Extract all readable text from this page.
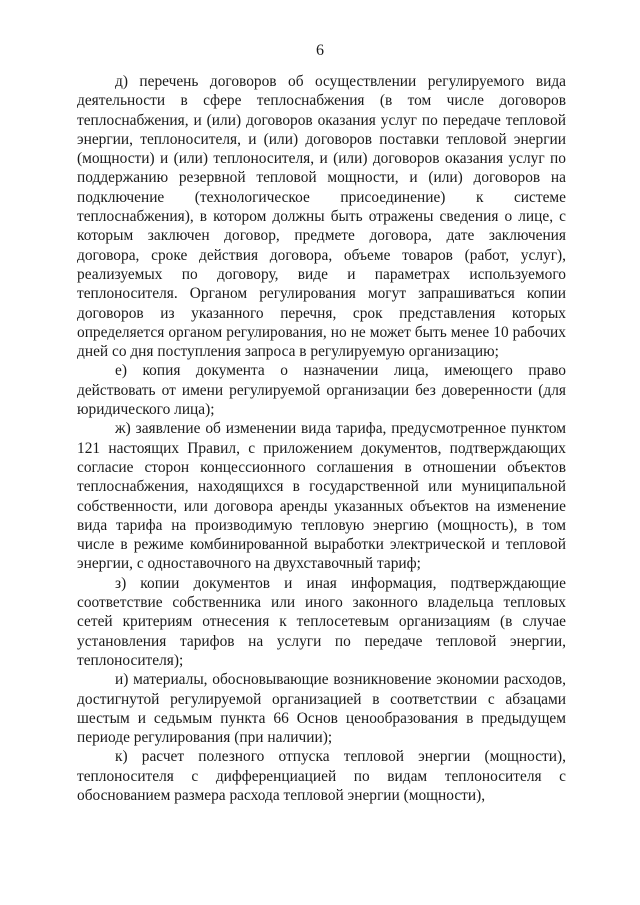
6

д) перечень договоров об осуществлении регулируемого вида деятельности в сфере теплоснабжения (в том числе договоров теплоснабжения, и (или) договоров оказания услуг по передаче тепловой энергии, теплоносителя, и (или) договоров поставки тепловой энергии (мощности) и (или) теплоносителя, и (или) договоров оказания услуг по поддержанию резервной тепловой мощности, и (или) договоров на подключение (технологическое присоединение) к системе теплоснабжения), в котором должны быть отражены сведения о лице, с которым заключен договор, предмете договора, дате заключения договора, сроке действия договора, объеме товаров (работ, услуг), реализуемых по договору, виде и параметрах используемого теплоносителя. Органом регулирования могут запрашиваться копии договоров из указанного перечня, срок представления которых определяется органом регулирования, но не может быть менее 10 рабочих дней со дня поступления запроса в регулируемую организацию;

е) копия документа о назначении лица, имеющего право действовать от имени регулируемой организации без доверенности (для юридического лица);

ж) заявление об изменении вида тарифа, предусмотренное пунктом 121 настоящих Правил, с приложением документов, подтверждающих согласие сторон концессионного соглашения в отношении объектов теплоснабжения, находящихся в государственной или муниципальной собственности, или договора аренды указанных объектов на изменение вида тарифа на производимую тепловую энергию (мощность), в том числе в режиме комбинированной выработки электрической и тепловой энергии, с одноставочного на двухставочный тариф;

з) копии документов и иная информация, подтверждающие соответствие собственника или иного законного владельца тепловых сетей критериям отнесения к теплосетевым организациям (в случае установления тарифов на услуги по передаче тепловой энергии, теплоносителя);

и) материалы, обосновывающие возникновение экономии расходов, достигнутой регулируемой организацией в соответствии с абзацами шестым и седьмым пункта 66 Основ ценообразования в предыдущем периоде регулирования (при наличии);

к) расчет полезного отпуска тепловой энергии (мощности), теплоносителя с дифференциацией по видам теплоносителя с обоснованием размера расхода тепловой энергии (мощности),
